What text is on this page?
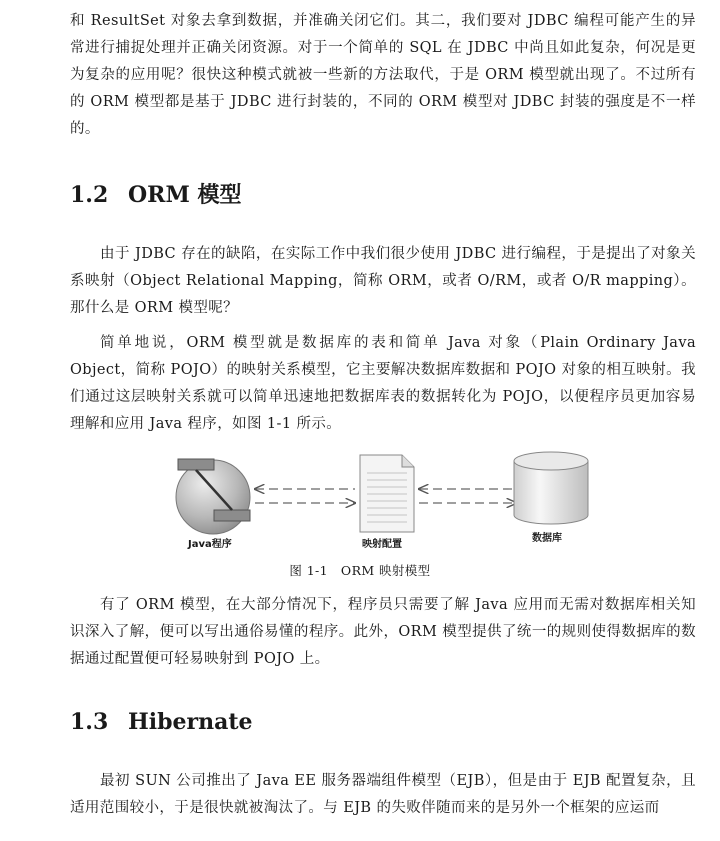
和 ResultSet 对象去拿到数据，并准确关闭它们。其二，我们要对 JDBC 编程可能产生的异常进行捕捉处理并正确关闭资源。对于一个简单的 SQL 在 JDBC 中尚且如此复杂，何况是更为复杂的应用呢？很快这种模式就被一些新的方法取代，于是 ORM 模型就出现了。不过所有的 ORM 模型都是基于 JDBC 进行封装的，不同的 ORM 模型对 JDBC 封装的强度是不一样的。

1.2 ORM 模型

由于 JDBC 存在的缺陷，在实际工作中我们很少使用 JDBC 进行编程，于是提出了对象关系映射（Object Relational Mapping，简称 ORM，或者 O/RM，或者 O/R mapping）。那什么是 ORM 模型呢？

简单地说，ORM 模型就是数据库的表和简单 Java 对象（Plain Ordinary Java Object，简称 POJO）的映射关系模型，它主要解决数据库数据和 POJO 对象的相互映射。我们通过这层映射关系就可以简单迅速地把数据库表的数据转化为 POJO，以便程序员更加容易理解和应用 Java 程序，如图 1-1 所示。

Java程序	映射配置
数据库

图 1-1　ORM 映射模型

有了 ORM 模型，在大部分情况下，程序员只需要了解 Java 应用而无需对数据库相关知识深入了解，便可以写出通俗易懂的程序。此外，ORM 模型提供了统一的规则使得数据库的数据通过配置便可轻易映射到 POJO 上。

1.3 Hibernate

最初 SUN 公司推出了 Java EE 服务器端组件模型（EJB），但是由于 EJB 配置复杂，且适用范围较小，于是很快就被淘汰了。与 EJB 的失败伴随而来的是另外一个框架的应运而
